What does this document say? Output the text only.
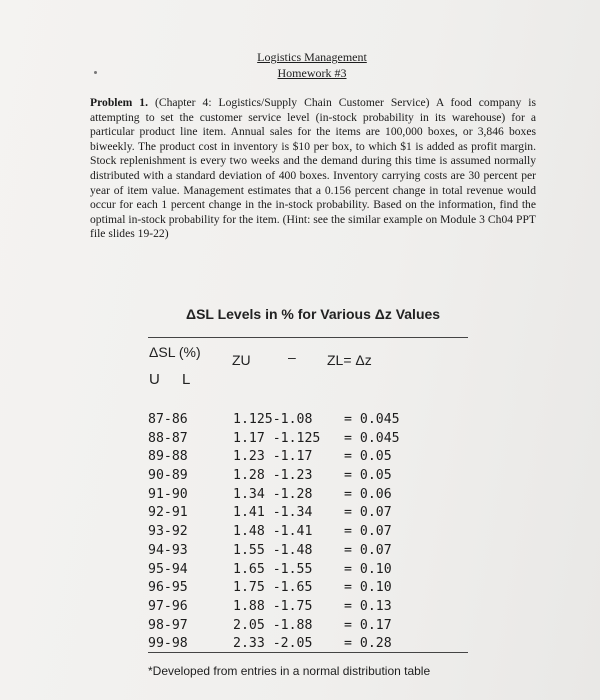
Logistics Management
Homework #3
Problem 1. (Chapter 4: Logistics/Supply Chain Customer Service) A food company is attempting to set the customer service level (in-stock probability in its warehouse) for a particular product line item. Annual sales for the items are 100,000 boxes, or 3,846 boxes biweekly. The product cost in inventory is $10 per box, to which $1 is added as profit margin. Stock replenishment is every two weeks and the demand during this time is assumed normally distributed with a standard deviation of 400 boxes. Inventory carrying costs are 30 percent per year of item value. Management estimates that a 0.156 percent change in total revenue would occur for each 1 percent change in the in-stock probability. Based on the information, find the optimal in-stock probability for the item. (Hint: see the similar example on Module 3 Ch04 PPT file slides 19-22)
ΔSL Levels in % for Various Δz Values
ΔSL (%) ZU	– ZL= Δz
U L
87-86	1.125-1.08 = 0.045
88-87	1.17 -1.125 = 0.045
89-88	1.23 -1.17 = 0.05
90-89	1.28 -1.23 = 0.05
91-90	1.34 -1.28 = 0.06
92-91	1.41 -1.34 = 0.07
93-92	1.48 -1.41 = 0.07
94-93	1.55 -1.48 = 0.07
95-94	1.65 -1.55 = 0.10
96-95	1.75 -1.65 = 0.10
97-96	1.88 -1.75 = 0.13
98-97	2.05 -1.88 = 0.17
99-98	2.33 -2.05 = 0.28
*Developed from entries in a normal distribution table
